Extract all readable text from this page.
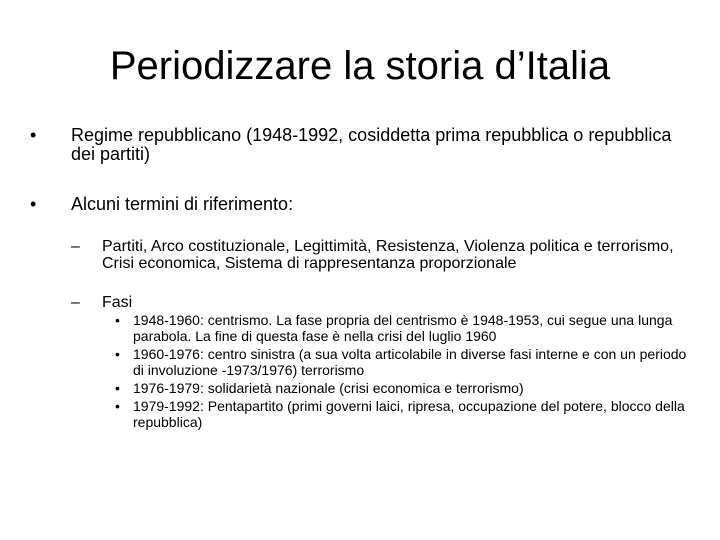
Periodizzare la storia d’Italia
• Regime repubblicano (1948-1992, cosiddetta prima repubblica o repubblica dei partiti)
• Alcuni termini di riferimento:
– Partiti, Arco costituzionale, Legittimità, Resistenza, Violenza politica e terrorismo, Crisi economica, Sistema di rappresentanza proporzionale
– Fasi
• 1948-1960: centrismo. La fase propria del centrismo è 1948-1953, cui segue una lunga parabola. La fine di questa fase è nella crisi del luglio 1960
• 1960-1976: centro sinistra (a sua volta articolabile in diverse fasi interne e con un periodo di involuzione -1973/1976) terrorismo
• 1976-1979: solidarietà nazionale (crisi economica e terrorismo)
• 1979-1992: Pentapartito (primi governi laici, ripresa, occupazione del potere, blocco della repubblica)
